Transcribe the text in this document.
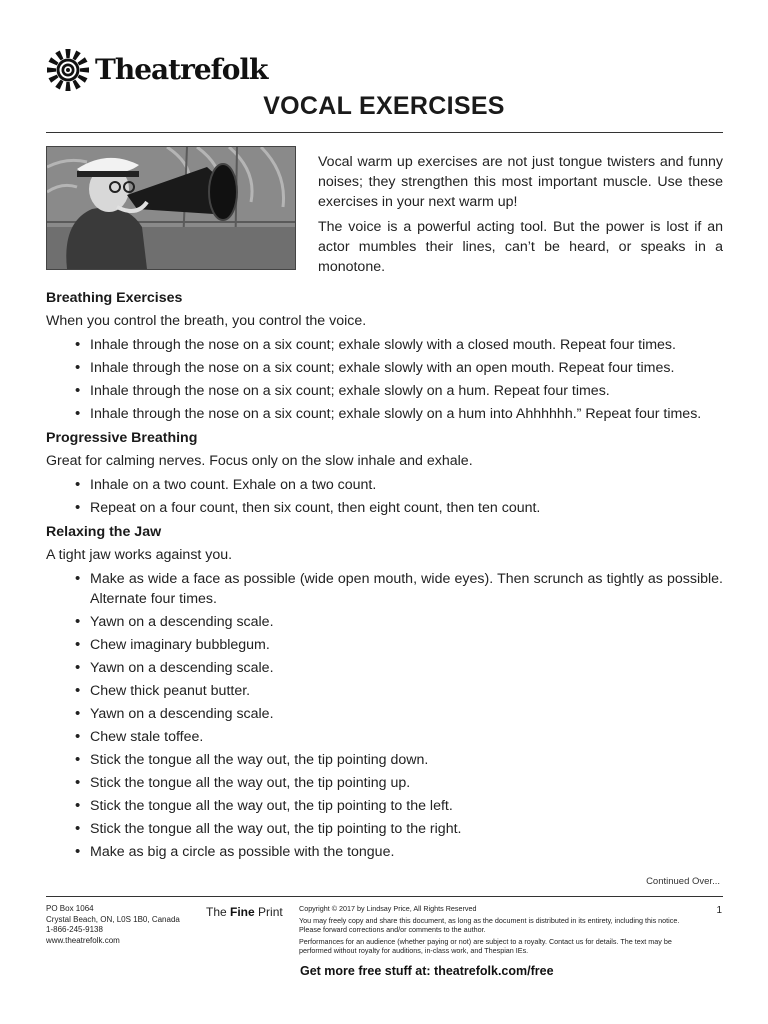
Theatrefolk
VOCAL EXERCISES

Vocal warm up exercises are not just tongue twisters and funny noises; they strengthen this most important muscle. Use these exercises in your next warm up!

The voice is a powerful acting tool. But the power is lost if an actor mumbles their lines, can’t be heard, or speaks in a monotone.

Breathing Exercises

When you control the breath, you control the voice.

• Inhale through the nose on a six count; exhale slowly with a closed mouth. Repeat four times.
• Inhale through the nose on a six count; exhale slowly with an open mouth. Repeat four times.
• Inhale through the nose on a six count; exhale slowly on a hum. Repeat four times.
• Inhale through the nose on a six count; exhale slowly on a hum into Ahhhhhh.” Repeat four times.
Progressive Breathing

Great for calming nerves. Focus only on the slow inhale and exhale.

• Inhale on a two count. Exhale on a two count.
• Repeat on a four count, then six count, then eight count, then ten count.
Relaxing the Jaw

A tight jaw works against you.

• Make as wide a face as possible (wide open mouth, wide eyes). Then scrunch as tightly as possible. Alternate four times.
• Yawn on a descending scale.
• Chew imaginary bubblegum.
• Yawn on a descending scale.
• Chew thick peanut butter.
• Yawn on a descending scale.
• Chew stale toffee.
• Stick the tongue all the way out, the tip pointing down.
• Stick the tongue all the way out, the tip pointing up.
• Stick the tongue all the way out, the tip pointing to the left.
• Stick the tongue all the way out, the tip pointing to the right.
• Make as big a circle as possible with the tongue.
Continued Over...
PO Box 1064
Crystal Beach, ON, L0S 1B0, Canada
1-866-245-9138
www.theatrefolk.com
The Fine Print Copyright © 2017 by Lindsay Price, All Rights Reserved

You may freely copy and share this document, as long as the document is distributed in its entirety, including this notice. Please forward corrections and/or comments to the author.

Performances for an audience (whether paying or not) are subject to a royalty. Contact us for details. The text may be performed without royalty for auditions, in-class work, and Thespian IEs.

1
Get more free stuff at: theatrefolk.com/free
